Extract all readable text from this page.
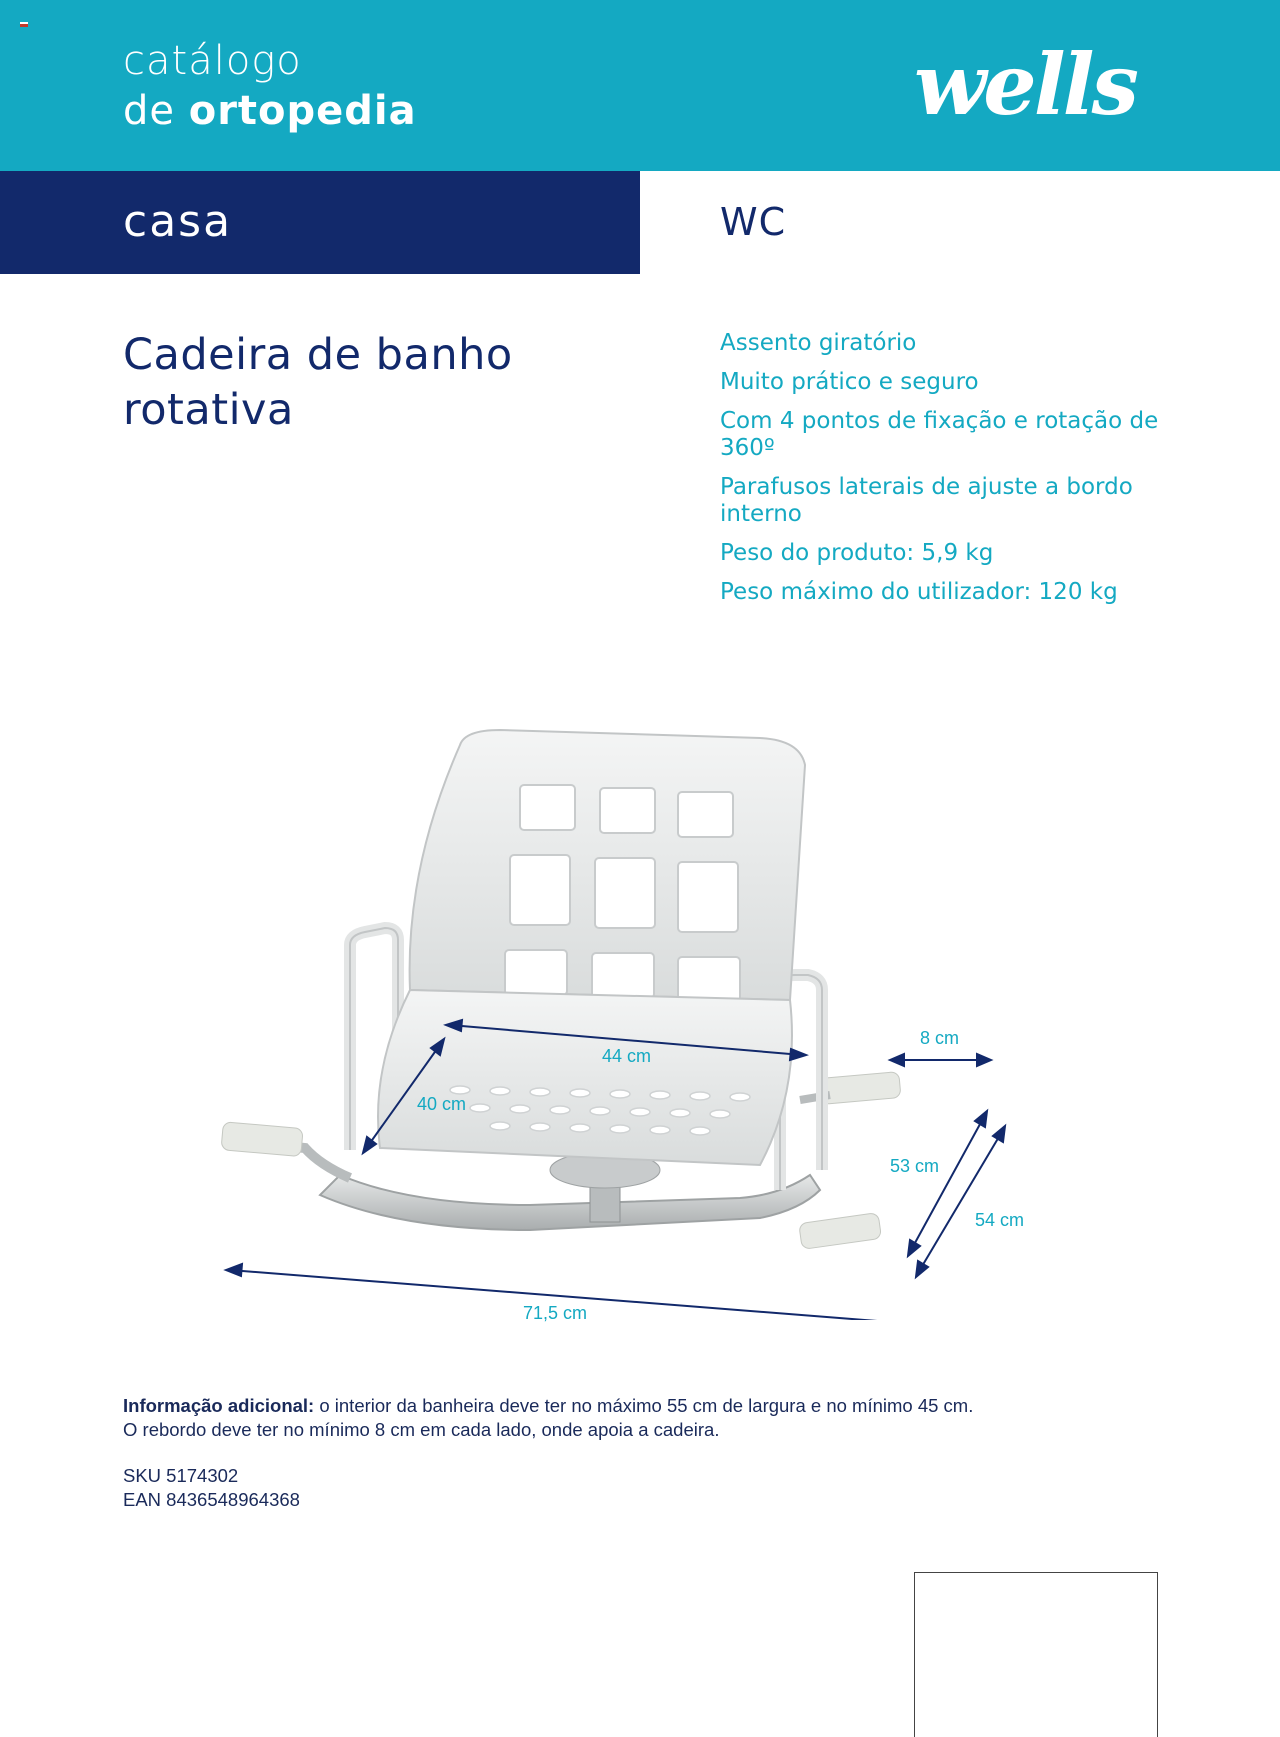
catálogo
de ortopedia	wells
casa	WC
Cadeira de banho
rotativa
Assento giratório
Muito prático e seguro
Com 4 pontos de fixação e rotação de 360º
Parafusos laterais de ajuste a bordo interno
Peso do produto: 5,9 kg
Peso máximo do utilizador: 120 kg
44 cm
40 cm
8 cm
53 cm
54 cm
71,5 cm
Informação adicional: o interior da banheira deve ter no máximo 55 cm de largura e no mínimo 45 cm.
O rebordo deve ter no mínimo 8 cm em cada lado, onde apoia a cadeira.
SKU 5174302
EAN 8436548964368
